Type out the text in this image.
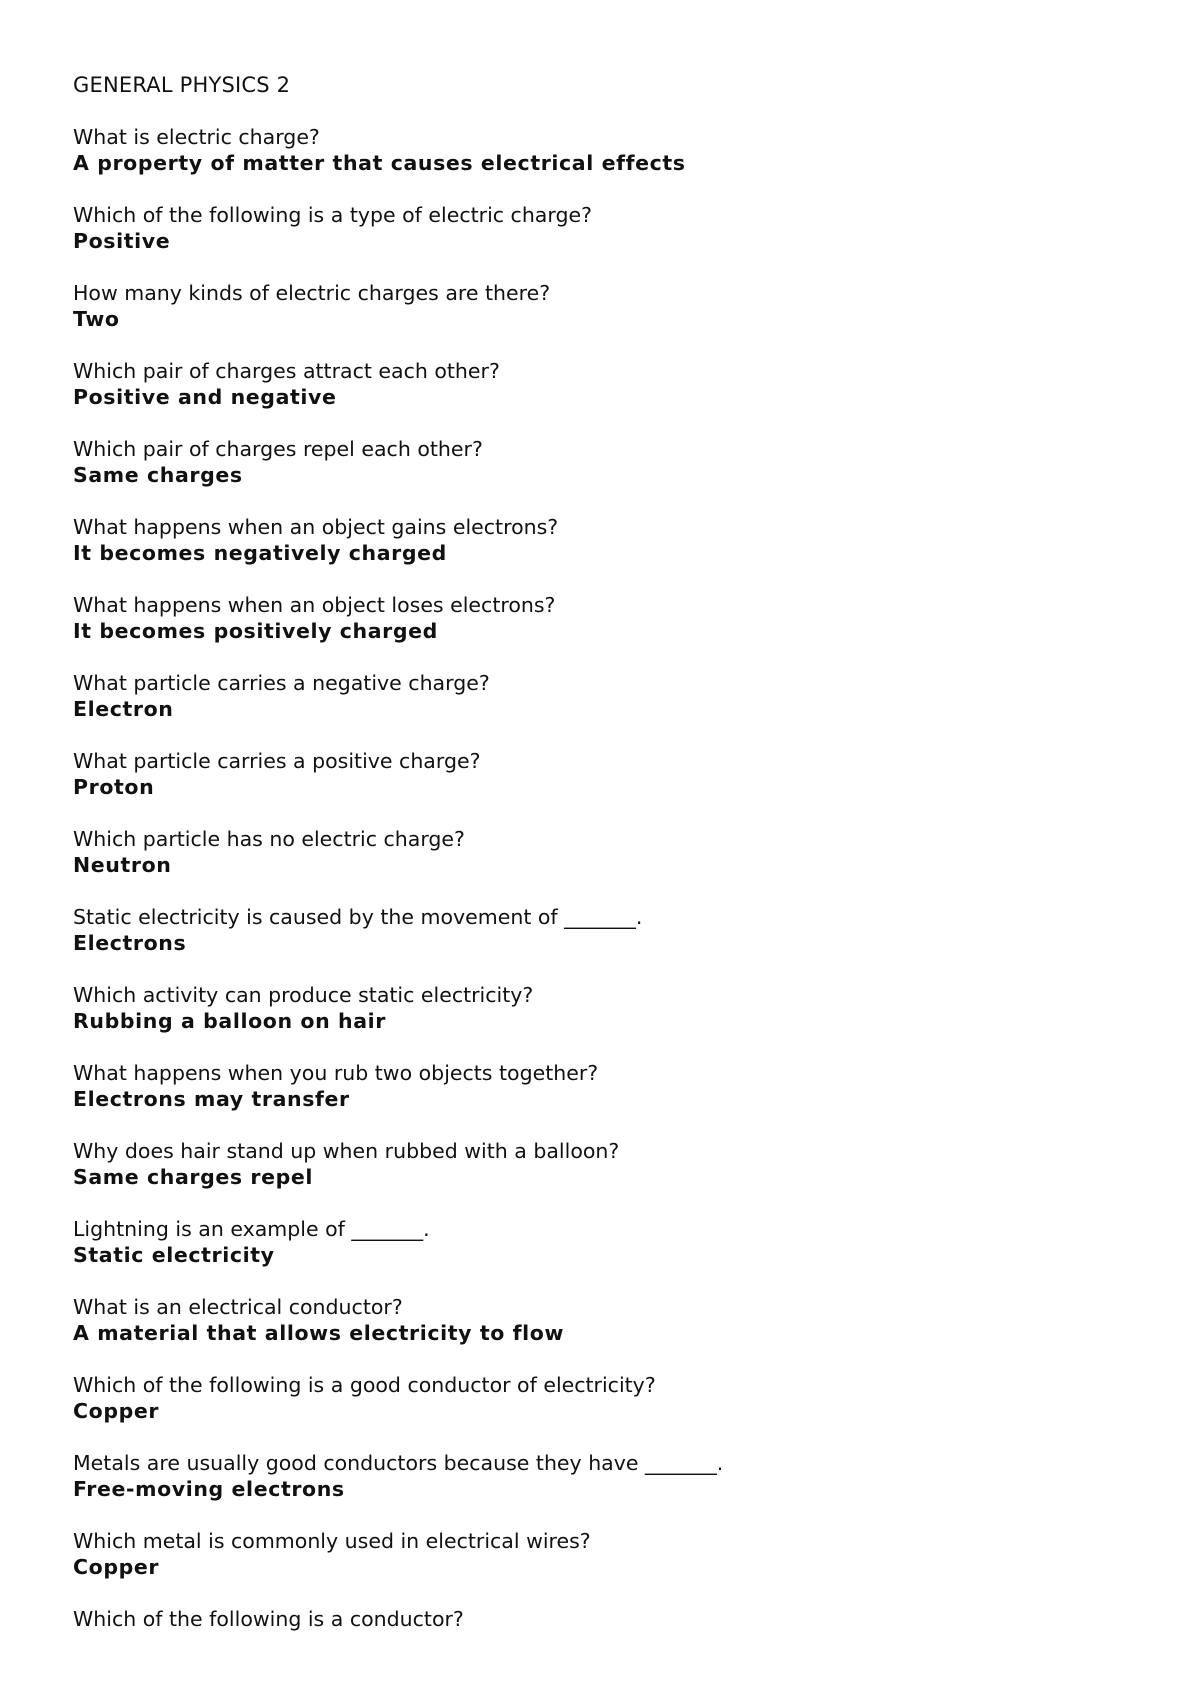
GENERAL PHYSICS 2
What is electric charge?
A property of matter that causes electrical effects
Which of the following is a type of electric charge?
Positive
How many kinds of electric charges are there?
Two
Which pair of charges attract each other?
Positive and negative
Which pair of charges repel each other?
Same charges
What happens when an object gains electrons?
It becomes negatively charged
What happens when an object loses electrons?
It becomes positively charged
What particle carries a negative charge?
Electron
What particle carries a positive charge?
Proton
Which particle has no electric charge?
Neutron
Static electricity is caused by the movement of _______.
Electrons
Which activity can produce static electricity?
Rubbing a balloon on hair
What happens when you rub two objects together?
Electrons may transfer
Why does hair stand up when rubbed with a balloon?
Same charges repel
Lightning is an example of _______.
Static electricity
What is an electrical conductor?
A material that allows electricity to flow
Which of the following is a good conductor of electricity?
Copper
Metals are usually good conductors because they have _______.
Free-moving electrons
Which metal is commonly used in electrical wires?
Copper
Which of the following is a conductor?
